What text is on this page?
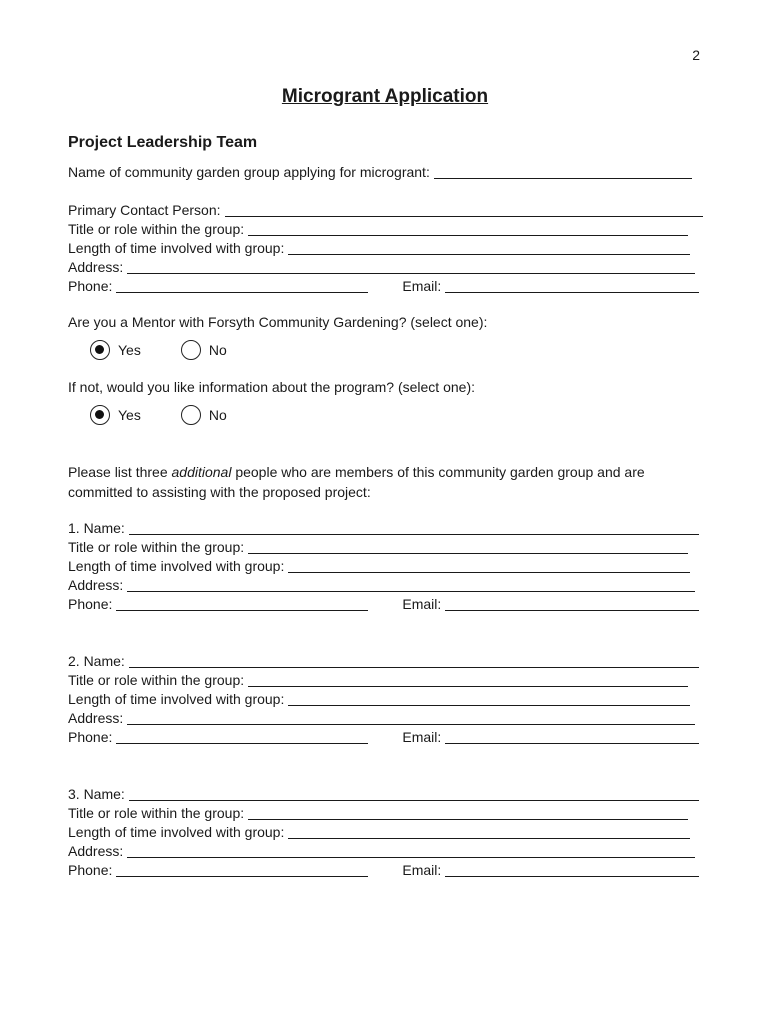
2
Microgrant Application
Project Leadership Team
Name of community garden group applying for microgrant:
Primary Contact Person:
Title or role within the group:
Length of time involved with group:
Address:
Phone:	Email:
Are you a Mentor with Forsyth Community Gardening? (select one):
Yes	No
If not, would you like information about the program? (select one):
Yes	No
Please list three additional people who are members of this community garden group and are committed to assisting with the proposed project:
1. Name:
Title or role within the group:
Length of time involved with group:
Address:
Phone:	Email:
2. Name:
Title or role within the group:
Length of time involved with group:
Address:
Phone:	Email:
3. Name:
Title or role within the group:
Length of time involved with group:
Address:
Phone:	Email:
